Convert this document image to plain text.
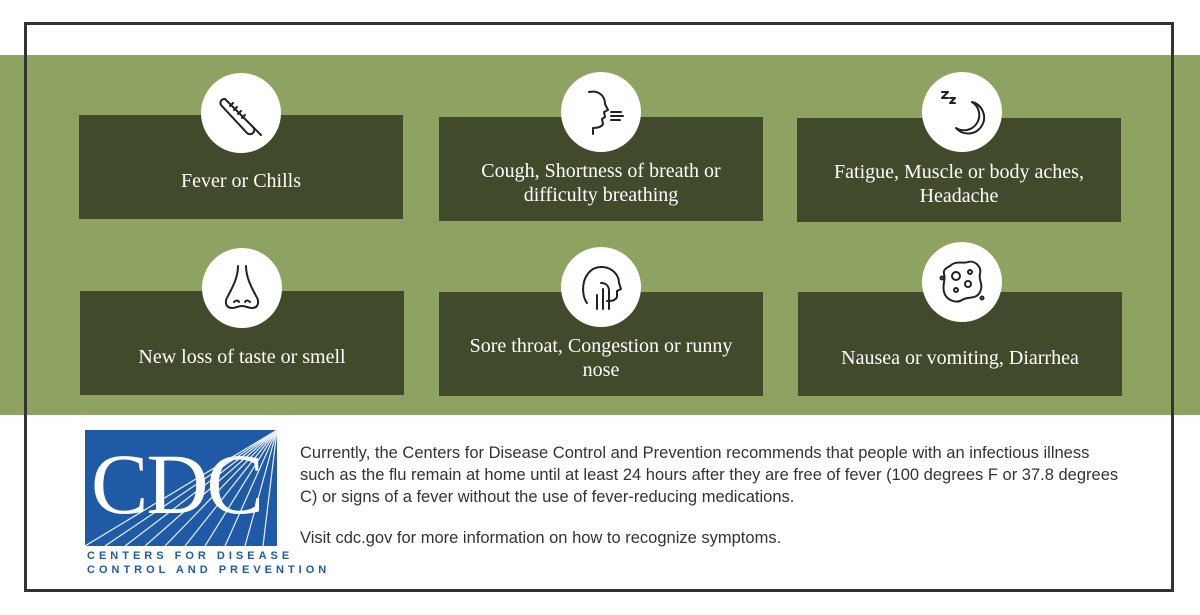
Fever or Chills	Cough, Shortness of breath or difficulty breathing
Fatigue, Muscle or body aches, Headache
New loss of taste or smell	Sore throat, Congestion or runny nose
Nausea or vomiting, Diarrhea
CDC
CENTERS FOR DISEASE
CONTROL AND PREVENTION

Currently, the Centers for Disease Control and Prevention recommends that people with an infectious illness such as the flu remain at home until at least 24 hours after they are free of fever (100 degrees F or 37.8 degrees C) or signs of a fever without the use of fever-reducing medications.

Visit cdc.gov for more information on how to recognize symptoms.
